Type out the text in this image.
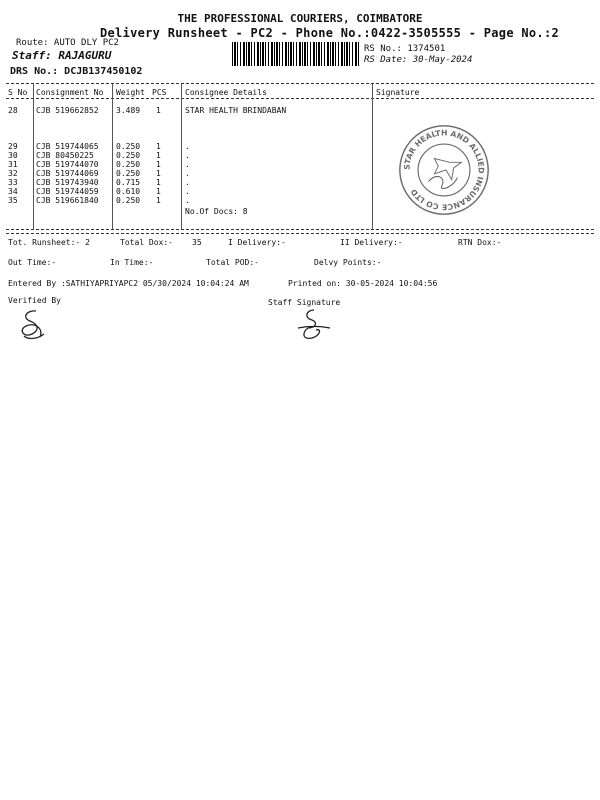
THE PROFESSIONAL COURIERS, COIMBATORE
Delivery Runsheet - PC2 - Phone No.:0422-3505555 - Page No.:2
Route: AUTO DLY PC2
Staff: RAJAGURU
DRS No.: DCJB137450102
RS No.: 1374501
RS Date: 30-May-2024
S No Consignment No Weight PCS Consignee Details	Signature
28 CJB 519662852 3.489 1	STAR HEALTH BRINDABAN
29 CJB 519744065 0.250 1	.
30 CJB 80450225	0.250 1	.
31 CJB 519744070 0.250 1	.
32 CJB 519744069 0.250 1	.
33 CJB 519743940 0.715 1	.
34 CJB 519744059 0.610 1	.
35 CJB 519661840 0.250 1	.
No.Of Docs: 8
STAR HEALTH AND ALLIED INSURANCE CO LTD
Tot. Runsheet:- 2	Total Dox:- 35	I Delivery:-	II Delivery:-	RTN Dox:-
Out Time:-	In Time:-	Total POD:-	Delvy Points:-
Entered By :SATHIYAPRIYAPC2 05/30/2024 10:04:24 AM	Printed on: 30-05-2024 10:04:56
Verified By	Staff Signature
